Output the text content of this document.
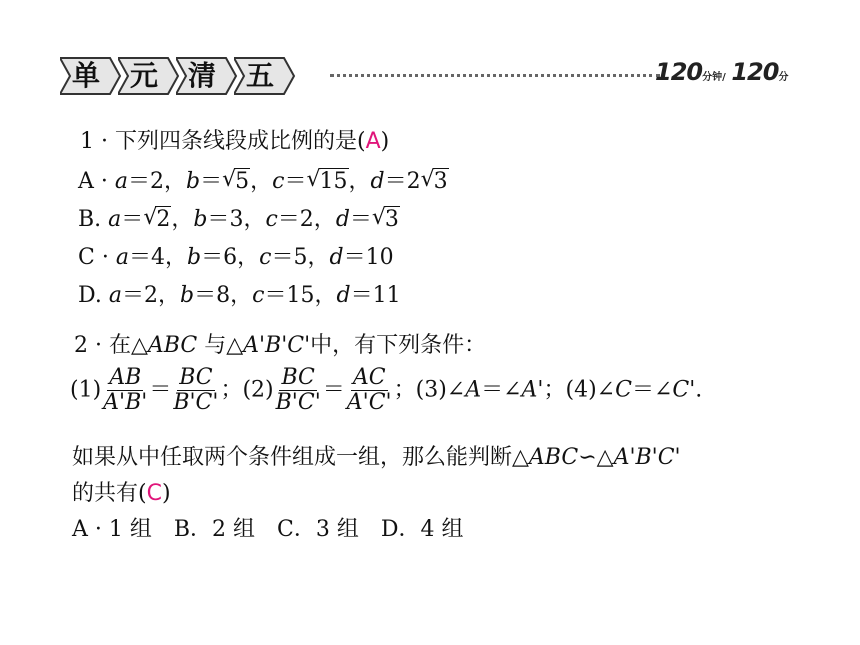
单	元	清	五	120分钟/ 120分
1 · 下列四条线段成比例的是(A)
A · a＝2，b＝ √
5，c＝ √
15，d＝2 √
3
B. a＝ √
2，b＝3，c＝2，d＝ √
3
C · a＝4，b＝6，c＝5，d＝10
D. a＝2，b＝8，c＝15，d＝11
2 · 在△ABC 与△A'B'C'中，有下列条件：
$(1) \frac{AB}{A'B'} = \frac{BC}{B'C'}$ ；$(2) \frac{BC}{B'C'} = \frac{AC}{A'C'}$ ；(3)∠A＝∠A'；(4)∠C＝∠C'.
如果从中任取两个条件组成一组，那么能判断△ABC∽△A'B'C'
的共有(C)
A · 1 组　B．2 组　C．3 组　D．4 组
